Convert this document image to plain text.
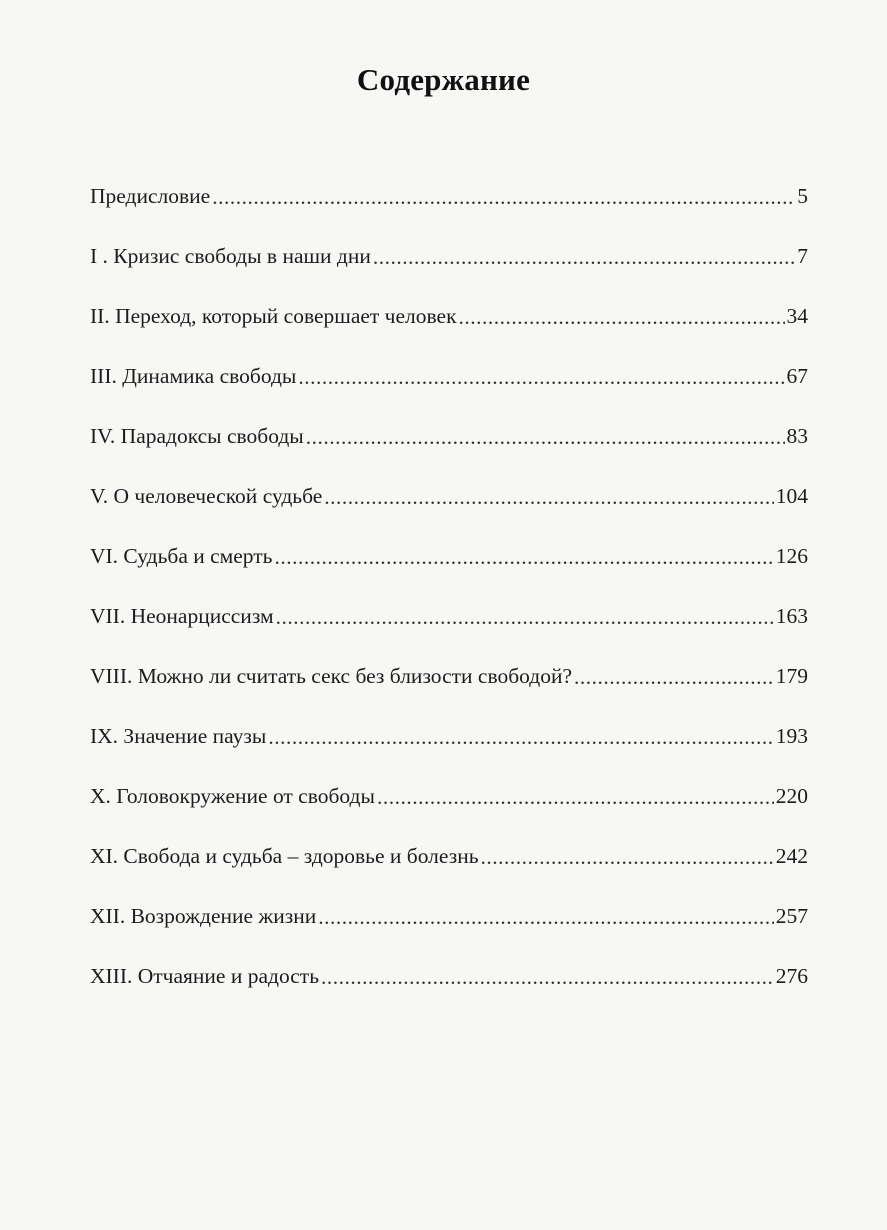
Содержание
Предисловие .....	5
I . Кризис свободы в наши дни .....	7
II. Переход, который совершает человек .....	34
III. Динамика свободы .....	67
IV. Парадоксы свободы .....	83
V. О человеческой судьбе .....	104
VI. Судьба и смерть .....	126
VII. Неонарциссизм .....	163
VIII. Можно ли считать секс без близости свободой? .....	179
IX. Значение паузы .....	193
X. Головокружение от свободы .....	220
XI. Свобода и судьба – здоровье и болезнь .....	242
XII. Возрождение жизни .....	257
XIII. Отчаяние и радость .....	276
